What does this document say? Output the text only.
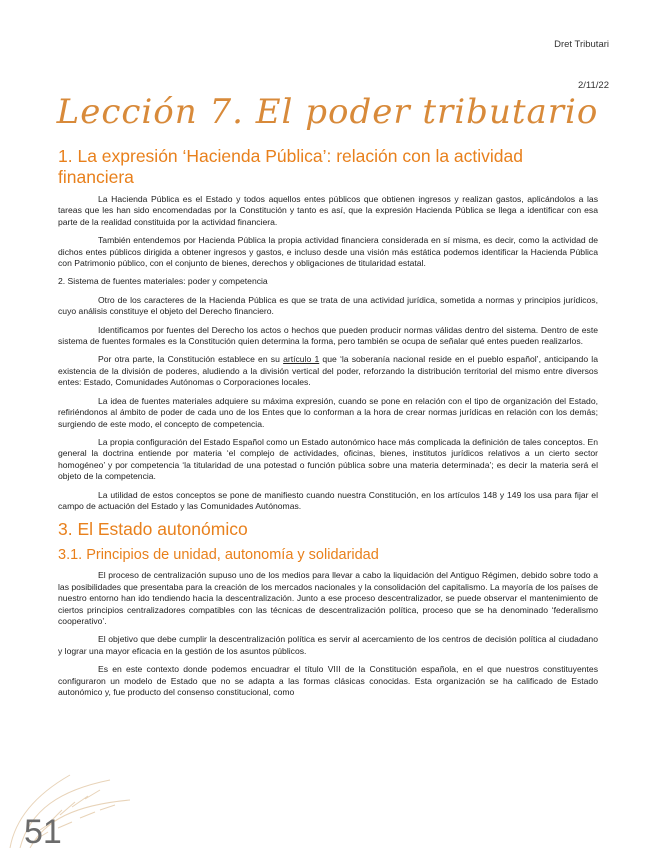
Dret Tributari
2/11/22
Lección 7. El poder tributario
1. La expresión ‘Hacienda Pública’: relación con la actividad financiera

La Hacienda Pública es el Estado y todos aquellos entes públicos que obtienen ingresos y realizan gastos, aplicándolos a las tareas que les han sido encomendadas por la Constitución y tanto es así, que la expresión Hacienda Pública se llega a identificar con esa parte de la realidad constituida por la actividad financiera.

También entendemos por Hacienda Pública la propia actividad financiera considerada en sí misma, es decir, como la actividad de dichos entes públicos dirigida a obtener ingresos y gastos, e incluso desde una visión más estática podemos identificar la Hacienda Pública con Patrimonio público, con el conjunto de bienes, derechos y obligaciones de titularidad estatal.

2. Sistema de fuentes materiales: poder y competencia

Otro de los caracteres de la Hacienda Pública es que se trata de una actividad jurídica, sometida a normas y principios jurídicos, cuyo análisis constituye el objeto del Derecho financiero.

Identificamos por fuentes del Derecho los actos o hechos que pueden producir normas válidas dentro del sistema. Dentro de este sistema de fuentes formales es la Constitución quien determina la forma, pero también se ocupa de señalar qué entes pueden realizarlos.

Por otra parte, la Constitución establece en su artículo 1 que ‘la soberanía nacional reside en el pueblo español’, anticipando la existencia de la división de poderes, aludiendo a la división vertical del poder, reforzando la distribución territorial del mismo entre diversos entes: Estado, Comunidades Autónomas o Corporaciones locales.

La idea de fuentes materiales adquiere su máxima expresión, cuando se pone en relación con el tipo de organización del Estado, refiriéndonos al ámbito de poder de cada uno de los Entes que lo conforman a la hora de crear normas jurídicas en relación con los demás; surgiendo de este modo, el concepto de competencia.

La propia configuración del Estado Español como un Estado autonómico hace más complicada la definición de tales conceptos. En general la doctrina entiende por materia ‘el complejo de actividades, oficinas, bienes, institutos jurídicos relativos a un cierto sector homogéneo’ y por competencia ‘la titularidad de una potestad o función pública sobre una materia determinada’; es decir la materia será el objeto de la competencia.

La utilidad de estos conceptos se pone de manifiesto cuando nuestra Constitución, en los artículos 148 y 149 los usa para fijar el campo de actuación del Estado y las Comunidades Autónomas.

3. El Estado autonómico
3.1. Principios de unidad, autonomía y solidaridad

El proceso de centralización supuso uno de los medios para llevar a cabo la liquidación del Antiguo Régimen, debido sobre todo a las posibilidades que presentaba para la creación de los mercados nacionales y la consolidación del capitalismo. La mayoría de los países de nuestro entorno han ido tendiendo hacia la descentralización. Junto a ese proceso descentralizador, se puede observar el mantenimiento de ciertos principios centralizadores compatibles con las técnicas de descentralización política, proceso que se ha denominado ‘federalismo cooperativo’.

El objetivo que debe cumplir la descentralización política es servir al acercamiento de los centros de decisión política al ciudadano y lograr una mayor eficacia en la gestión de los asuntos públicos.

Es en este contexto donde podemos encuadrar el título VIII de la Constitución española, en el que nuestros constituyentes configuraron un modelo de Estado que no se adapta a las formas clásicas conocidas. Esta organización se ha calificado de Estado autonómico y, fue producto del consenso constitucional, como

51
